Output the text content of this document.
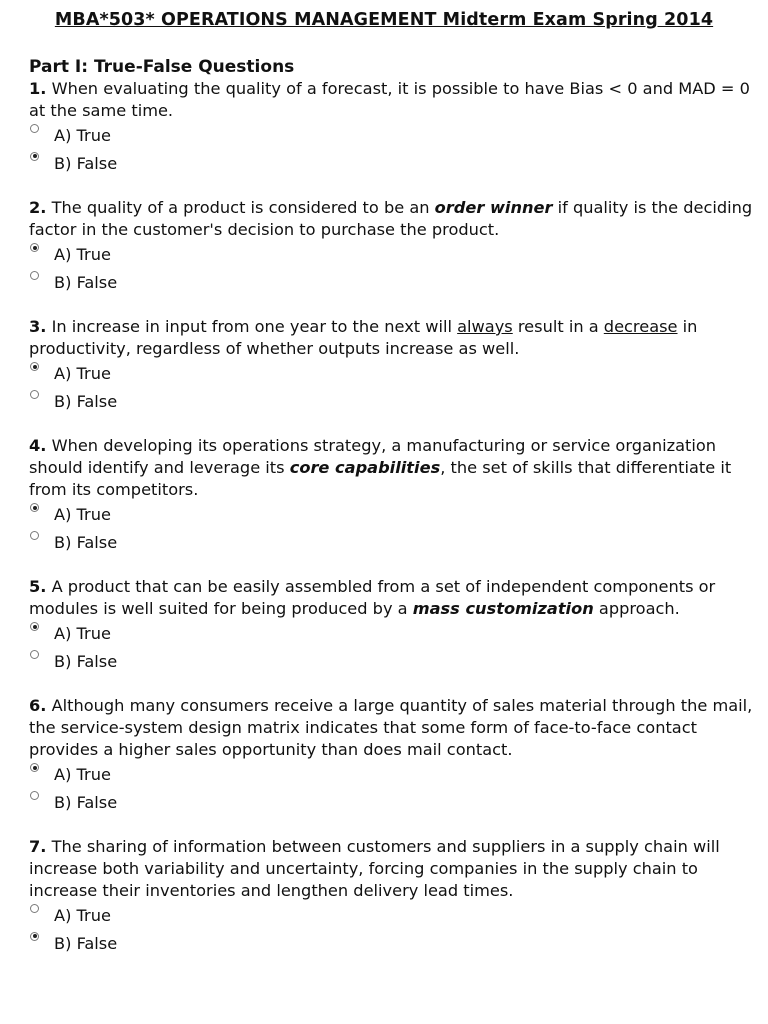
MBA*503* OPERATIONS MANAGEMENT Midterm Exam Spring 2014
Part I: True-False Questions
1. When evaluating the quality of a forecast, it is possible to have Bias < 0 and MAD = 0 at the same time.
A) True
B) False
2. The quality of a product is considered to be an order winner if quality is the deciding factor in the customer's decision to purchase the product.
A) True
B) False
3. In increase in input from one year to the next will always result in a decrease in productivity, regardless of whether outputs increase as well.
A) True
B) False
4. When developing its operations strategy, a manufacturing or service organization should identify and leverage its core capabilities, the set of skills that differentiate it from its competitors.
A) True
B) False
5. A product that can be easily assembled from a set of independent components or modules is well suited for being produced by a mass customization approach.
A) True
B) False
6. Although many consumers receive a large quantity of sales material through the mail, the service-system design matrix indicates that some form of face-to-face contact provides a higher sales opportunity than does mail contact.
A) True
B) False
7. The sharing of information between customers and suppliers in a supply chain will increase both variability and uncertainty, forcing companies in the supply chain to increase their inventories and lengthen delivery lead times.
A) True
B) False
